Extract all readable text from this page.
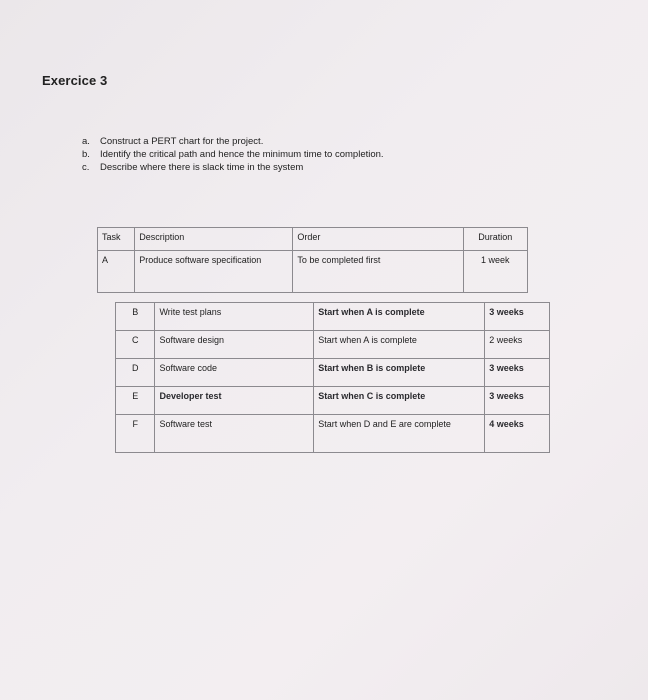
Exercice 3
a.	Construct a PERT chart for the project.
b.	Identify the critical path and hence the minimum time to completion.
c.	Describe where there is slack time in the system
Task	Description	Order	Duration
A	Produce software specification	To be completed first	1 week
B	Write test plans	Start when A is complete	3 weeks
C	Software design	Start when A is complete	2 weeks
D	Software code	Start when B is complete	3 weeks
E	Developer test	Start when C is complete	3 weeks
F	Software test	Start when D and E are complete	4 weeks
